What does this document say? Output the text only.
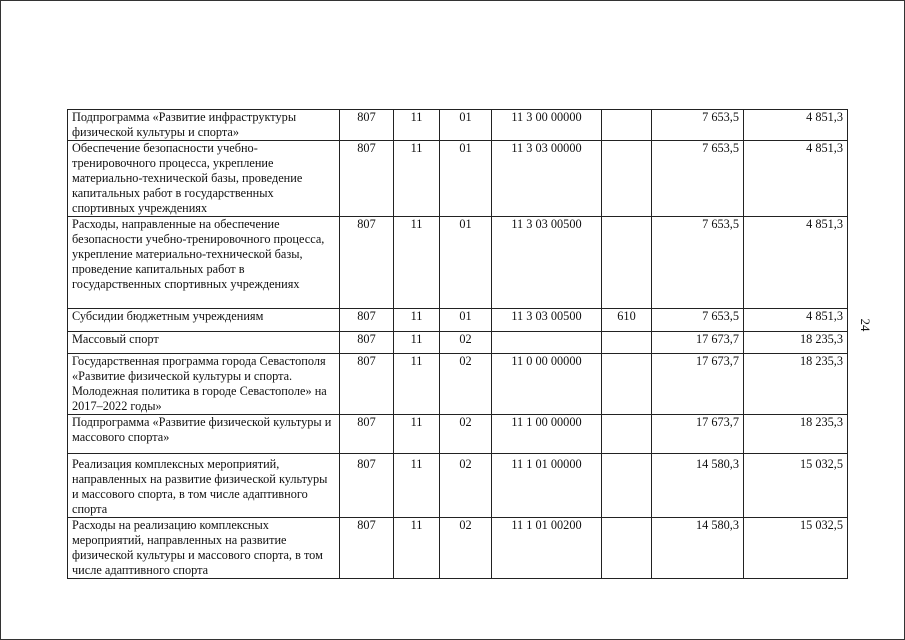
Подпрограмма «Развитие инфраструктуры физической культуры и спорта»	807	11	01	11 3 00 00000		7 653,5	4 851,3
Обеспечение безопасности учебно-тренировочного процесса, укрепление материально-технической базы, проведение капитальных работ в государственных спортивных учреждениях	807	11	01	11 3 03 00000		7 653,5	4 851,3
Расходы, направленные на обеспечение безопасности учебно-тренировочного процесса, укрепление материально-технической базы, проведение капитальных работ в государственных спортивных учреждениях	807	11	01	11 3 03 00500		7 653,5	4 851,3
Субсидии бюджетным учреждениям	807	11	01	11 3 03 00500	610	7 653,5	4 851,3
Массовый спорт	807	11	02			17 673,7	18 235,3
Государственная программа города Севастополя «Развитие физической культуры и спорта. Молодежная политика в городе Севастополе» на 2017–2022 годы»	807	11	02	11 0 00 00000		17 673,7	18 235,3
Подпрограмма «Развитие физической культуры и массового спорта»	807	11	02	11 1 00 00000		17 673,7	18 235,3
Реализация комплексных мероприятий, направленных на развитие физической культуры и массового спорта, в том числе адаптивного спорта	807	11	02	11 1 01 00000		14 580,3	15 032,5
Расходы на реализацию комплексных мероприятий, направленных на развитие физической культуры и массового спорта, в том числе адаптивного спорта	807	11	02	11 1 01 00200		14 580,3	15 032,5
24
